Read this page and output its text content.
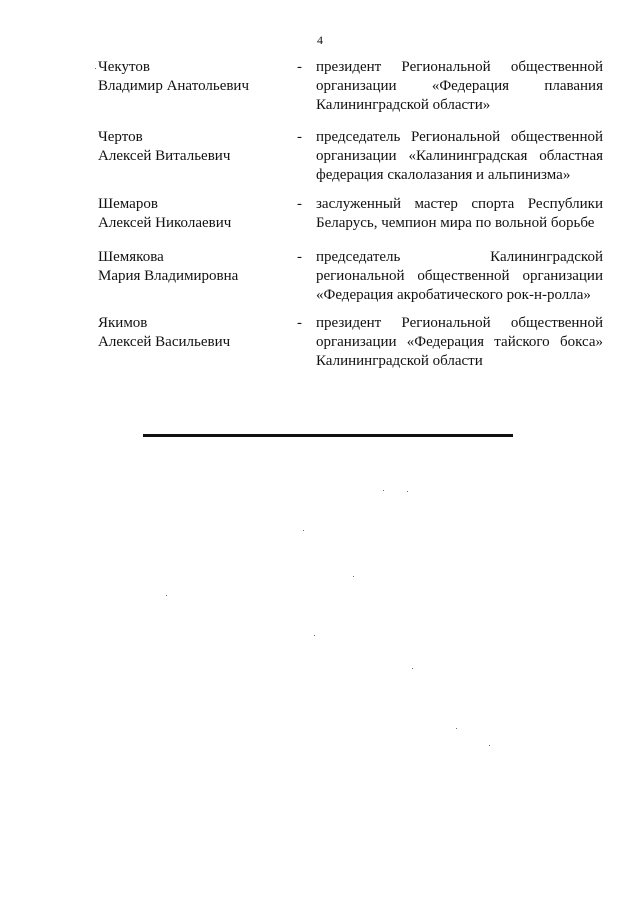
4
Чекутов
Владимир Анатольевич
- президент Региональной общественной
организации «Федерация плавания
Калининградской области»
Чертов
Алексей Витальевич
- председатель Региональной общественной
организации «Калининградская областная
федерация скалолазания и альпинизма»
Шемаров
Алексей Николаевич
- заслуженный мастер спорта Республики
Беларусь, чемпион мира по вольной борьбе
Шемякова
Мария Владимировна
- председатель Калининградской
региональной общественной организации
«Федерация акробатического рок-н-ролла»
Якимов
Алексей Васильевич
- президент Региональной общественной
организации «Федерация тайского бокса»
Калининградской области
